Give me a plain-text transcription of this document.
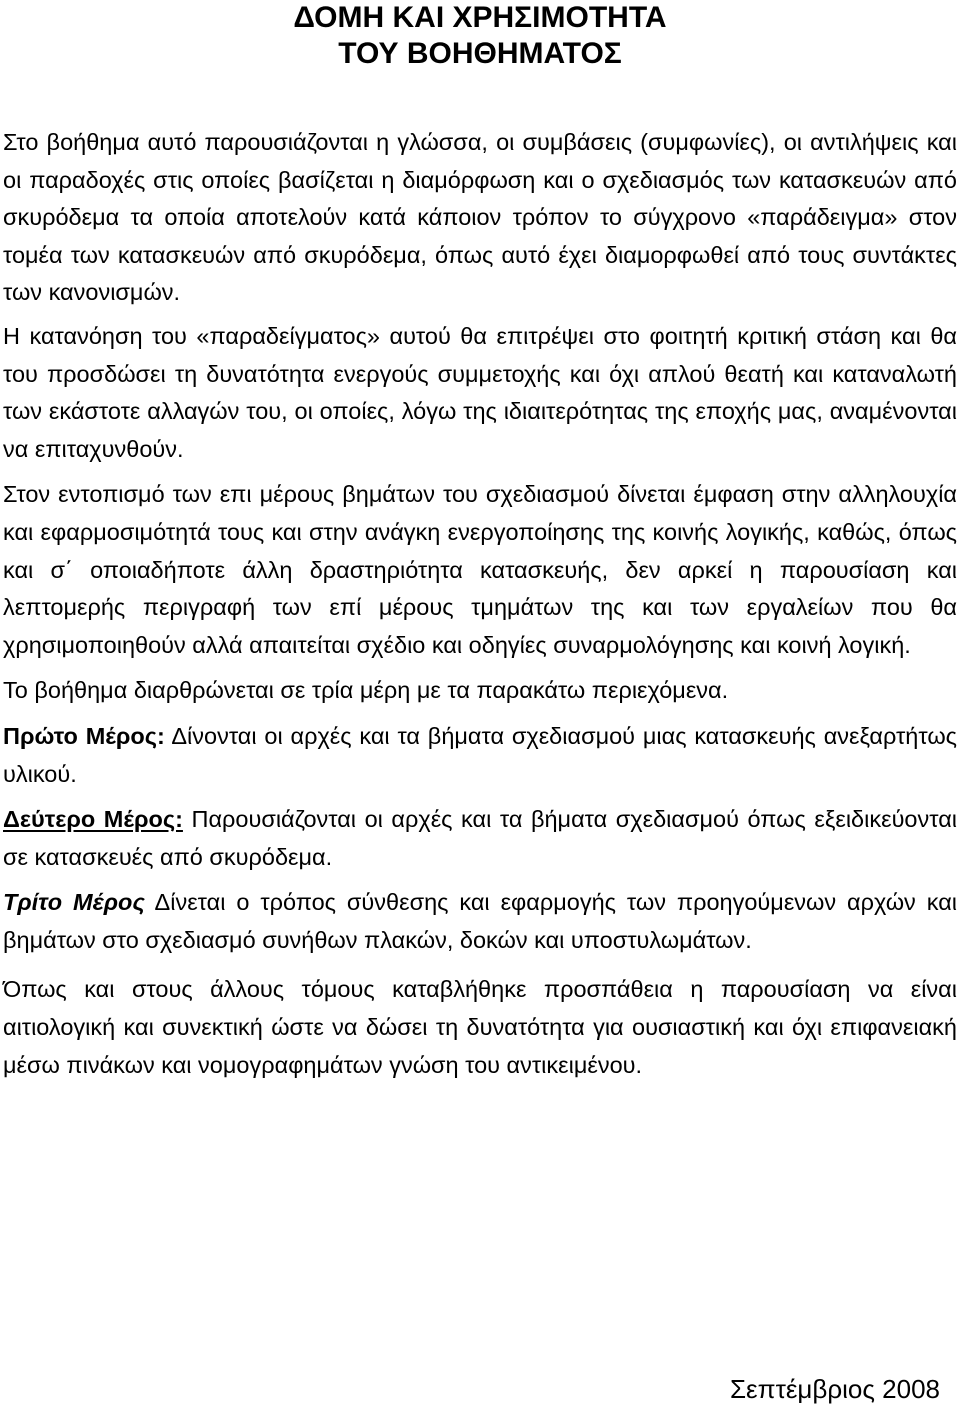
ΔΟΜΗ ΚΑΙ ΧΡΗΣΙΜΟΤΗΤΑ
ΤΟΥ ΒΟΗΘΗΜΑΤΟΣ

Στο βοήθημα αυτό παρουσιάζονται η γλώσσα, οι συμβάσεις (συμφωνίες), οι αντιλήψεις και οι παραδοχές στις οποίες βασίζεται η διαμόρφωση και ο σχεδιασμός των κατασκευών από σκυρόδεμα τα οποία αποτελούν κατά κάποιον τρόπον το σύγχρονο «παράδειγμα» στον τομέα των κατασκευών από σκυρόδεμα, όπως αυτό έχει διαμορφωθεί από τους συντάκτες των κανονισμών.

Η κατανόηση του «παραδείγματος» αυτού θα επιτρέψει στο φοιτητή κριτική στάση και θα του προσδώσει τη δυνατότητα ενεργούς συμμετοχής και όχι απλού θεατή και καταναλωτή των εκάστοτε αλλαγών του, οι οποίες, λόγω της ιδιαιτερότητας της εποχής μας, αναμένονται να επιταχυνθούν.

Στον εντοπισμό των επι μέρους βημάτων του σχεδιασμού δίνεται έμφαση στην αλληλουχία και εφαρμοσιμότητά τους και στην ανάγκη ενεργοποίησης της κοινής λογικής, καθώς, όπως και σ΄ οποιαδήποτε άλλη δραστηριότητα κατασκευής, δεν αρκεί η παρουσίαση και λεπτομερής περιγραφή των επί μέρους τμημάτων της και των εργαλείων που θα χρησιμοποιηθούν αλλά απαιτείται σχέδιο και οδηγίες συναρμολόγησης και κοινή λογική.

Το βοήθημα διαρθρώνεται σε τρία μέρη με τα παρακάτω περιεχόμενα.

Πρώτο Μέρος: Δίνονται οι αρχές και τα βήματα σχεδιασμού μιας κατασκευής ανεξαρτήτως υλικού.

Δεύτερο Μέρος: Παρουσιάζονται οι αρχές και τα βήματα σχεδιασμού όπως εξειδικεύονται σε κατασκευές από σκυρόδεμα.

Τρίτο Μέρος Δίνεται ο τρόπος σύνθεσης και εφαρμογής των προηγούμενων αρχών και βημάτων στο σχεδιασμό συνήθων πλακών, δοκών και υποστυλωμάτων.

Όπως και στους άλλους τόμους καταβλήθηκε προσπάθεια η παρουσίαση να είναι αιτιολογική και συνεκτική ώστε να δώσει τη δυνατότητα για ουσιαστική και όχι επιφανειακή μέσω πινάκων και νομογραφημάτων γνώση του αντικειμένου.

Σεπτέμβριος 2008
